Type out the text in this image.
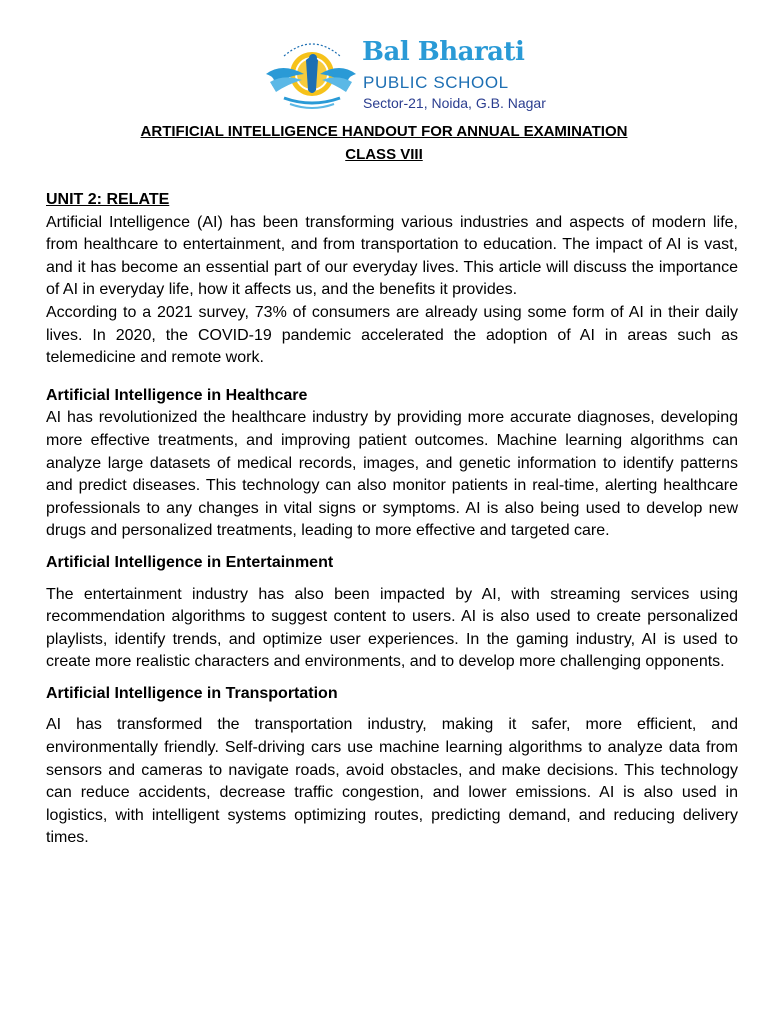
Bal Bharati
PUBLIC SCHOOL
Sector-21, Noida, G.B. Nagar
ARTIFICIAL INTELLIGENCE HANDOUT FOR ANNUAL EXAMINATION
CLASS VIII

UNIT 2: RELATE

Artificial Intelligence (AI) has been transforming various industries and aspects of modern life, from healthcare to entertainment, and from transportation to education. The impact of AI is vast, and it has become an essential part of our everyday lives. This article will discuss the importance of AI in everyday life, how it affects us, and the benefits it provides.

According to a 2021 survey, 73% of consumers are already using some form of AI in their daily lives. In 2020, the COVID-19 pandemic accelerated the adoption of AI in areas such as telemedicine and remote work.

Artificial Intelligence in Healthcare

AI has revolutionized the healthcare industry by providing more accurate diagnoses, developing more effective treatments, and improving patient outcomes. Machine learning algorithms can analyze large datasets of medical records, images, and genetic information to identify patterns and predict diseases. This technology can also monitor patients in real-time, alerting healthcare professionals to any changes in vital signs or symptoms. AI is also being used to develop new drugs and personalized treatments, leading to more effective and targeted care.

Artificial Intelligence in Entertainment

The entertainment industry has also been impacted by AI, with streaming services using recommendation algorithms to suggest content to users. AI is also used to create personalized playlists, identify trends, and optimize user experiences. In the gaming industry, AI is used to create more realistic characters and environments, and to develop more challenging opponents.

Artificial Intelligence in Transportation

AI has transformed the transportation industry, making it safer, more efficient, and environmentally friendly. Self-driving cars use machine learning algorithms to analyze data from sensors and cameras to navigate roads, avoid obstacles, and make decisions. This technology can reduce accidents, decrease traffic congestion, and lower emissions. AI is also used in logistics, with intelligent systems optimizing routes, predicting demand, and reducing delivery times.
